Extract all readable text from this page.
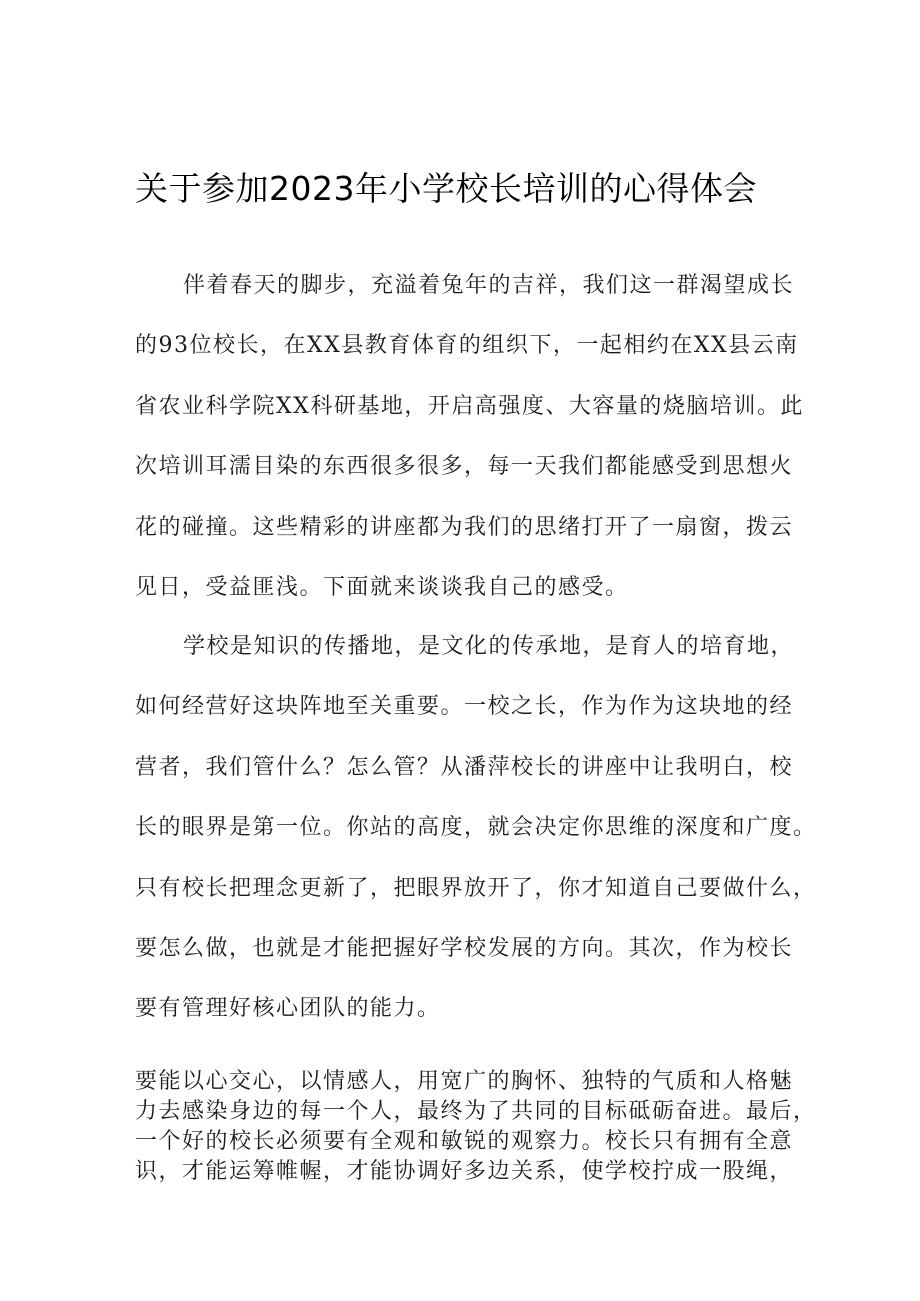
关于参加2023年小学校长培训的心得体会
伴着春天的脚步，充溢着兔年的吉祥，我们这一群渴望成长
的93位校长，在XX县教育体育的组织下，一起相约在XX县云南
省农业科学院XX科研基地，开启高强度、大容量的烧脑培训。此
次培训耳濡目染的东西很多很多，每一天我们都能感受到思想火
花的碰撞。这些精彩的讲座都为我们的思绪打开了一扇窗，拨云
见日，受益匪浅。下面就来谈谈我自己的感受。
学校是知识的传播地，是文化的传承地，是育人的培育地，
如何经营好这块阵地至关重要。一校之长，作为作为这块地的经
营者，我们管什么？怎么管？从潘萍校长的讲座中让我明白，校
长的眼界是第一位。你站的高度，就会决定你思维的深度和广度。
只有校长把理念更新了，把眼界放开了，你才知道自己要做什么，
要怎么做，也就是才能把握好学校发展的方向。其次，作为校长
要有管理好核心团队的能力。
要能以心交心，以情感人，用宽广的胸怀、独特的气质和人格魅
力去感染身边的每一个人，最终为了共同的目标砥砺奋进。最后，
一个好的校长必须要有全观和敏锐的观察力。校长只有拥有全意
识，才能运筹帷幄，才能协调好多边关系，使学校拧成一股绳，
